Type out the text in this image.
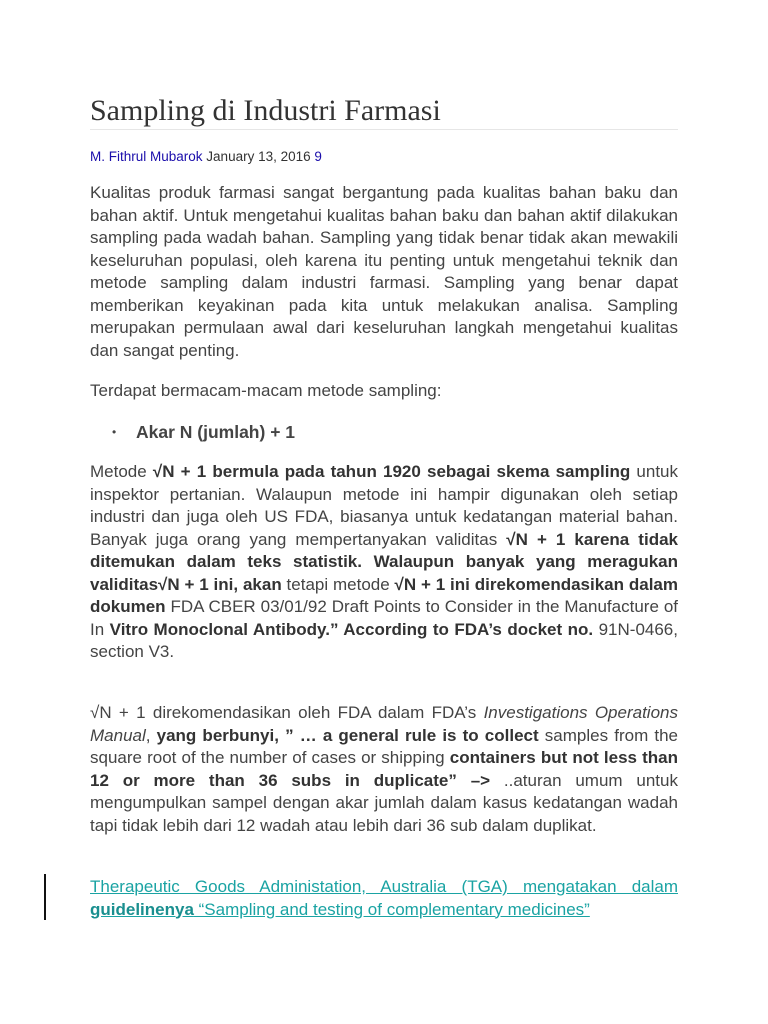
Sampling di Industri Farmasi
M. Fithrul Mubarok January 13, 2016 9
Kualitas produk farmasi sangat bergantung pada kualitas bahan baku dan bahan aktif. Untuk mengetahui kualitas bahan baku dan bahan aktif dilakukan sampling pada wadah bahan. Sampling yang tidak benar tidak akan mewakili keseluruhan populasi, oleh karena itu penting untuk mengetahui teknik dan metode sampling dalam industri farmasi. Sampling yang benar dapat memberikan keyakinan pada kita untuk melakukan analisa. Sampling merupakan permulaan awal dari keseluruhan langkah mengetahui kualitas dan sangat penting.
Terdapat bermacam-macam metode sampling:
• Akar N (jumlah) + 1
Metode √N + 1 bermula pada tahun 1920 sebagai skema sampling untuk inspektor pertanian. Walaupun metode ini hampir digunakan oleh setiap industri dan juga oleh US FDA, biasanya untuk kedatangan material bahan. Banyak juga orang yang mempertanyakan validitas √N + 1 karena tidak ditemukan dalam teks statistik. Walaupun banyak yang meragukan validitas√N + 1 ini, akan tetapi metode √N + 1 ini direkomendasikan dalam dokumen FDA CBER 03/01/92 Draft Points to Consider in the Manufacture of In Vitro Monoclonal Antibody.” According to FDA’s docket no. 91N-0466, section V3.
√N + 1 direkomendasikan oleh FDA dalam FDA’s Investigations Operations Manual, yang berbunyi, ” … a general rule is to collect samples from the square root of the number of cases or shipping containers but not less than 12 or more than 36 subs in duplicate” –> ..aturan umum untuk mengumpulkan sampel dengan akar jumlah dalam kasus kedatangan wadah tapi tidak lebih dari 12 wadah atau lebih dari 36 sub dalam duplikat.
Therapeutic Goods Administation, Australia (TGA) mengatakan dalam guidelinenya “Sampling and testing of complementary medicines”
